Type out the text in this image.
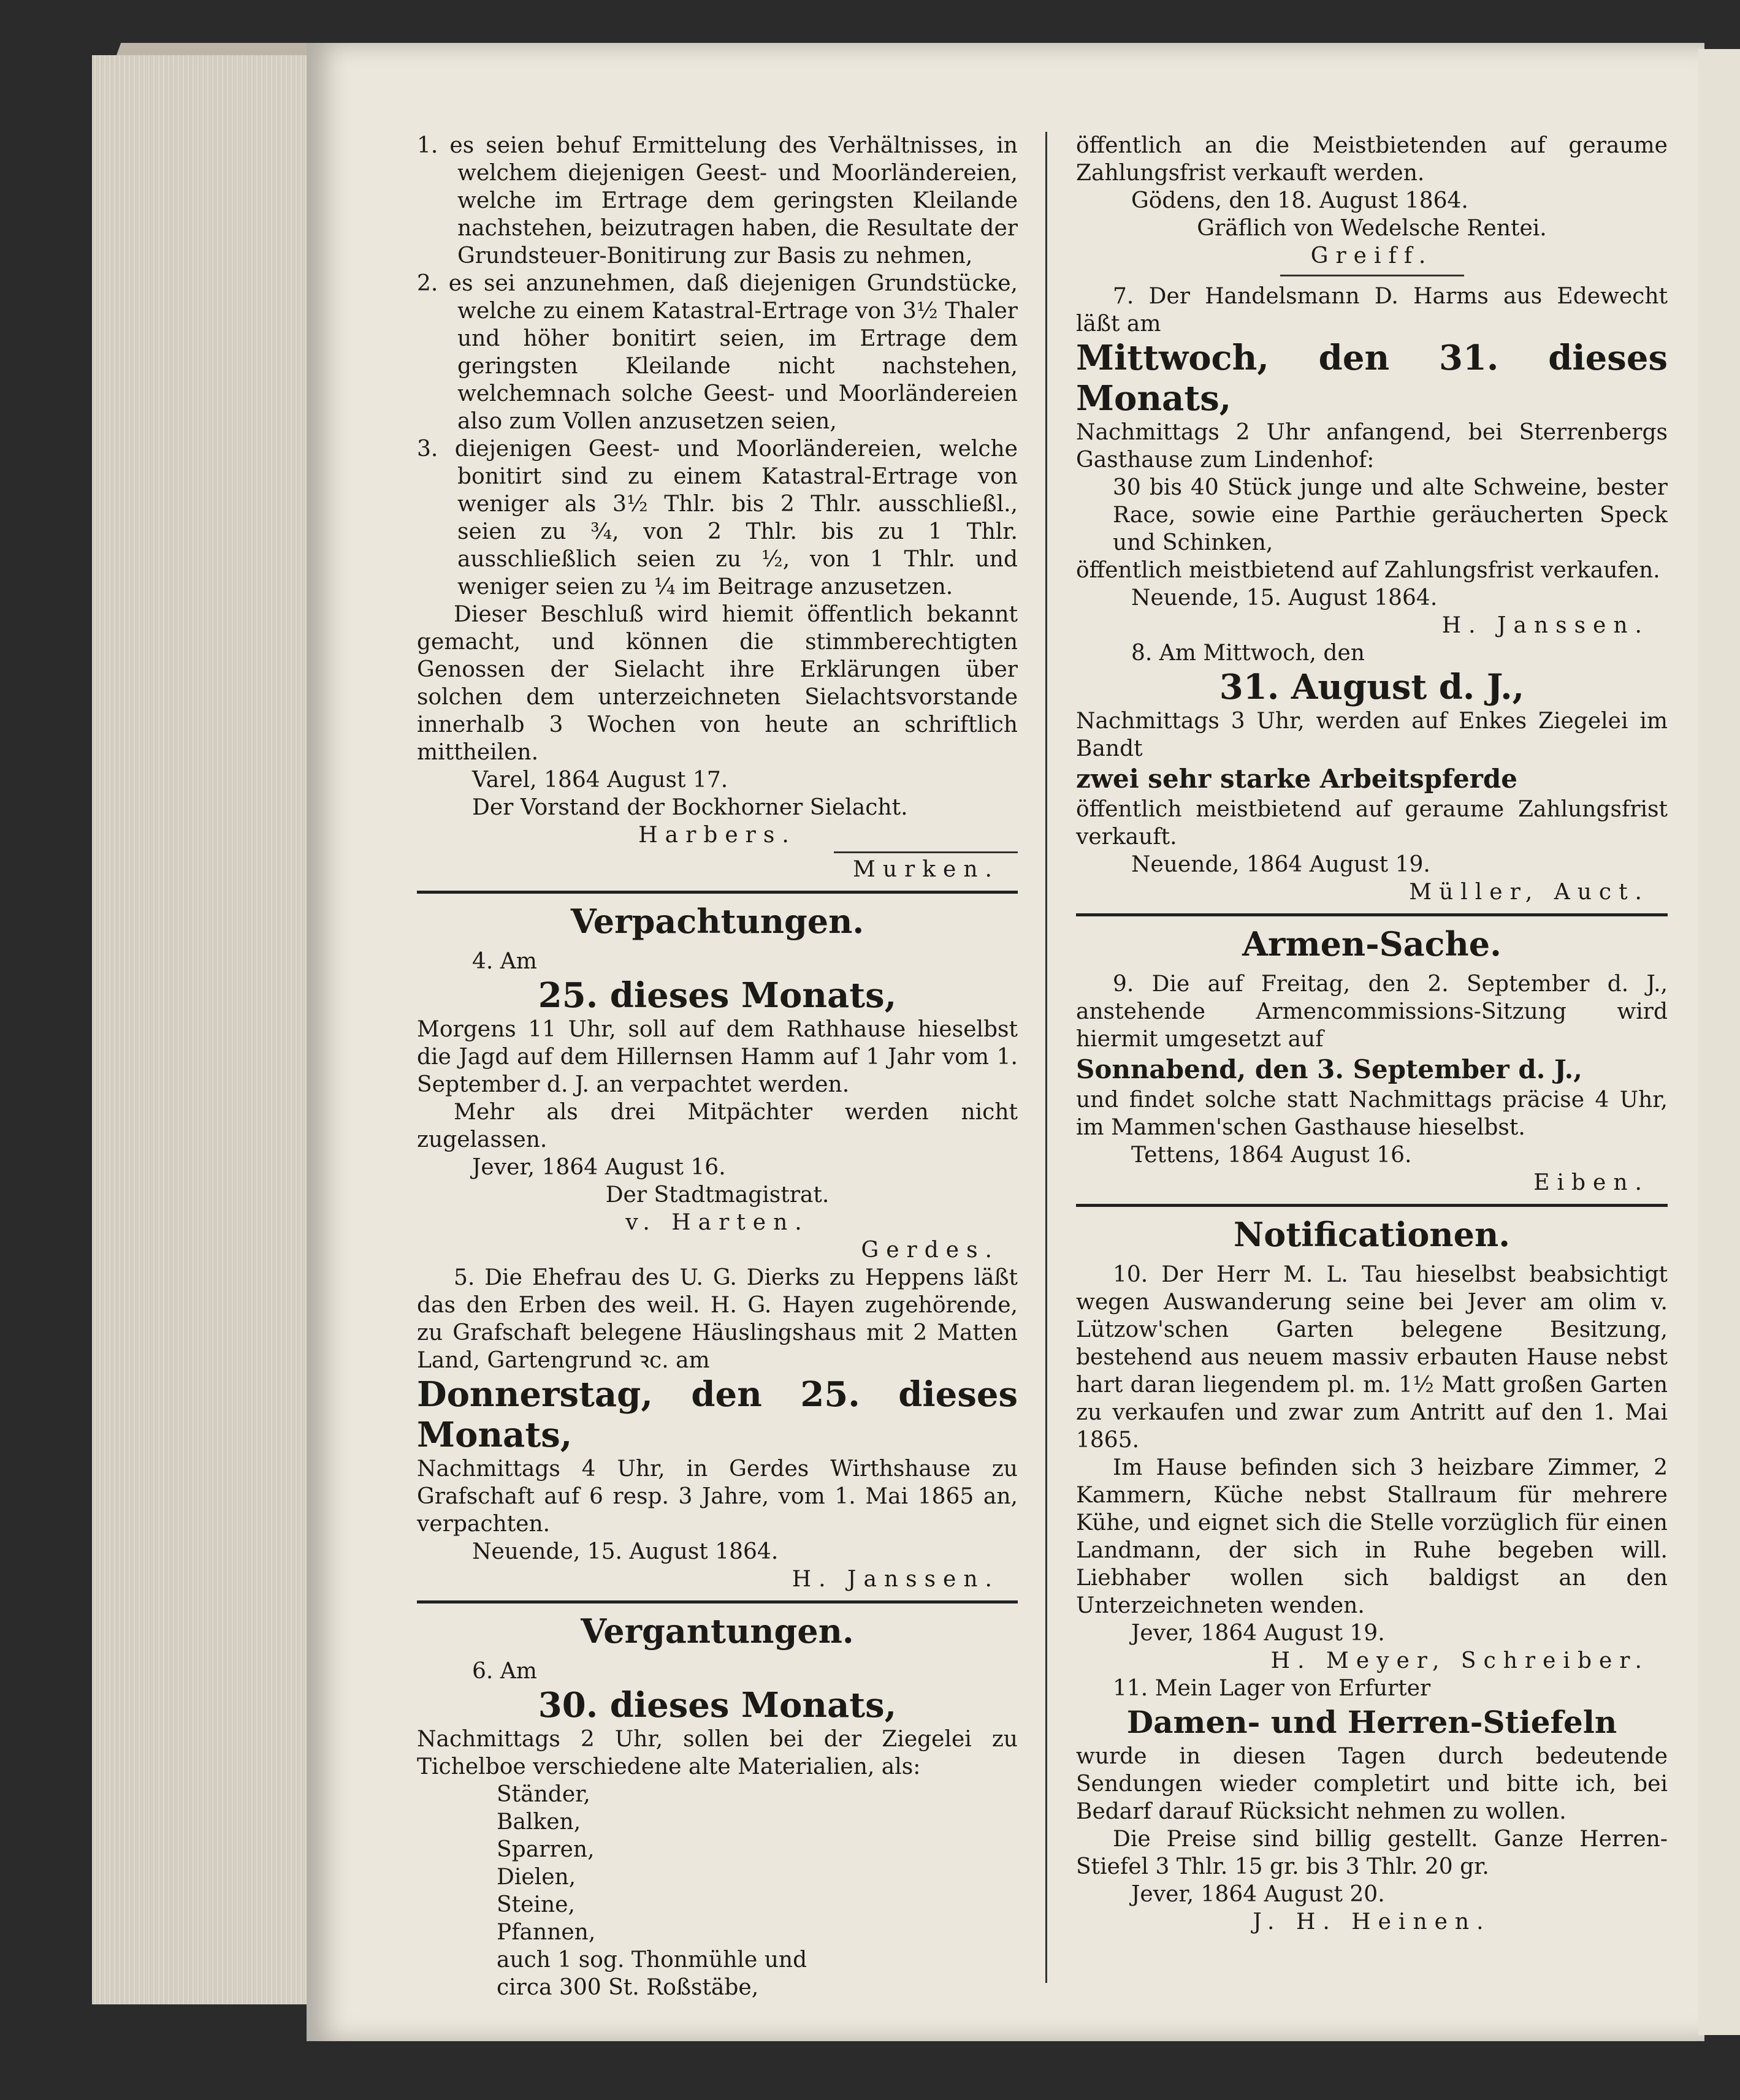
1. es seien behuf Ermittelung des Verhältnisses, in welchem diejenigen Geest- und Moorländereien, welche im Ertrage dem geringsten Kleilande nachstehen, beizutragen haben, die Resultate der Grundsteuer-Bonitirung zur Basis zu nehmen,

2. es sei anzunehmen, daß diejenigen Grundstücke, welche zu einem Katastral-Ertrage von 3½ Thaler und höher bonitirt seien, im Ertrage dem geringsten Kleilande nicht nachstehen, welchemnach solche Geest- und Moorländereien also zum Vollen anzusetzen seien,

3. diejenigen Geest- und Moorländereien, welche bonitirt sind zu einem Katastral-Ertrage von weniger als 3½ Thlr. bis 2 Thlr. ausschließl., seien zu ¾, von 2 Thlr. bis zu 1 Thlr. ausschließlich seien zu ½, von 1 Thlr. und weniger seien zu ¼ im Beitrage anzusetzen.

Dieser Beschluß wird hiemit öffentlich bekannt gemacht, und können die stimmberechtigten Genossen der Sielacht ihre Erklärungen über solchen dem unterzeichneten Sielachtsvorstande innerhalb 3 Wochen von heute an schriftlich mittheilen.

Varel, 1864 August 17.

Der Vorstand der Bockhorner Sielacht.

Harbers.

Murken.

Verpachtungen.

4. Am

25. dieses Monats,

Morgens 11 Uhr, soll auf dem Rathhause hieselbst die Jagd auf dem Hillernsen Hamm auf 1 Jahr vom 1. September d. J. an verpachtet werden.

Mehr als drei Mitpächter werden nicht zugelassen.

Jever, 1864 August 16.

Der Stadtmagistrat.

v. Harten.

Gerdes.

5. Die Ehefrau des U. G. Dierks zu Heppens läßt das den Erben des weil. H. G. Hayen zugehörende, zu Grafschaft belegene Häuslingshaus mit 2 Matten Land, Gartengrund ꝛc. am

Donnerstag, den 25. dieses Monats,

Nachmittags 4 Uhr, in Gerdes Wirthshause zu Grafschaft auf 6 resp. 3 Jahre, vom 1. Mai 1865 an, verpachten.

Neuende, 15. August 1864.

H. Janssen.

Vergantungen.

6. Am

30. dieses Monats,

Nachmittags 2 Uhr, sollen bei der Ziegelei zu Tichelboe verschiedene alte Materialien, als:

Ständer,

Balken,

Sparren,

Dielen,

Steine,

Pfannen,

auch 1 sog. Thonmühle und

circa 300 St. Roßstäbe,

öffentlich an die Meistbietenden auf geraume Zahlungsfrist verkauft werden.

Gödens, den 18. August 1864.

Gräflich von Wedelsche Rentei.

Greiff.

7. Der Handelsmann D. Harms aus Edewecht läßt am

Mittwoch, den 31. dieses Monats,

Nachmittags 2 Uhr anfangend, bei Sterrenbergs Gasthause zum Lindenhof:

30 bis 40 Stück junge und alte Schweine, bester Race, sowie eine Parthie geräucherten Speck und Schinken,

öffentlich meistbietend auf Zahlungsfrist verkaufen.

Neuende, 15. August 1864.

H. Janssen.

8. Am Mittwoch, den

31. August d. J.,

Nachmittags 3 Uhr, werden auf Enkes Ziegelei im Bandt

zwei sehr starke Arbeitspferde

öffentlich meistbietend auf geraume Zahlungsfrist verkauft.

Neuende, 1864 August 19.

Müller, Auct.

Armen-Sache.

9. Die auf Freitag, den 2. September d. J., anstehende Armencommissions-Sitzung wird hiermit umgesetzt auf

Sonnabend, den 3. September d. J.,

und findet solche statt Nachmittags präcise 4 Uhr, im Mammen'schen Gasthause hieselbst.

Tettens, 1864 August 16.

Eiben.

Notificationen.

10. Der Herr M. L. Tau hieselbst beabsichtigt wegen Auswanderung seine bei Jever am olim v. Lützow'schen Garten belegene Besitzung, bestehend aus neuem massiv erbauten Hause nebst hart daran liegendem pl. m. 1½ Matt großen Garten zu verkaufen und zwar zum Antritt auf den 1. Mai 1865.

Im Hause befinden sich 3 heizbare Zimmer, 2 Kammern, Küche nebst Stallraum für mehrere Kühe, und eignet sich die Stelle vorzüglich für einen Landmann, der sich in Ruhe begeben will. Liebhaber wollen sich baldigst an den Unterzeichneten wenden.

Jever, 1864 August 19.

H. Meyer, Schreiber.

11. Mein Lager von Erfurter

Damen- und Herren-Stiefeln

wurde in diesen Tagen durch bedeutende Sendungen wieder completirt und bitte ich, bei Bedarf darauf Rücksicht nehmen zu wollen.

Die Preise sind billig gestellt. Ganze Herren-Stiefel 3 Thlr. 15 gr. bis 3 Thlr. 20 gr.

Jever, 1864 August 20.

J. H. Heinen.
